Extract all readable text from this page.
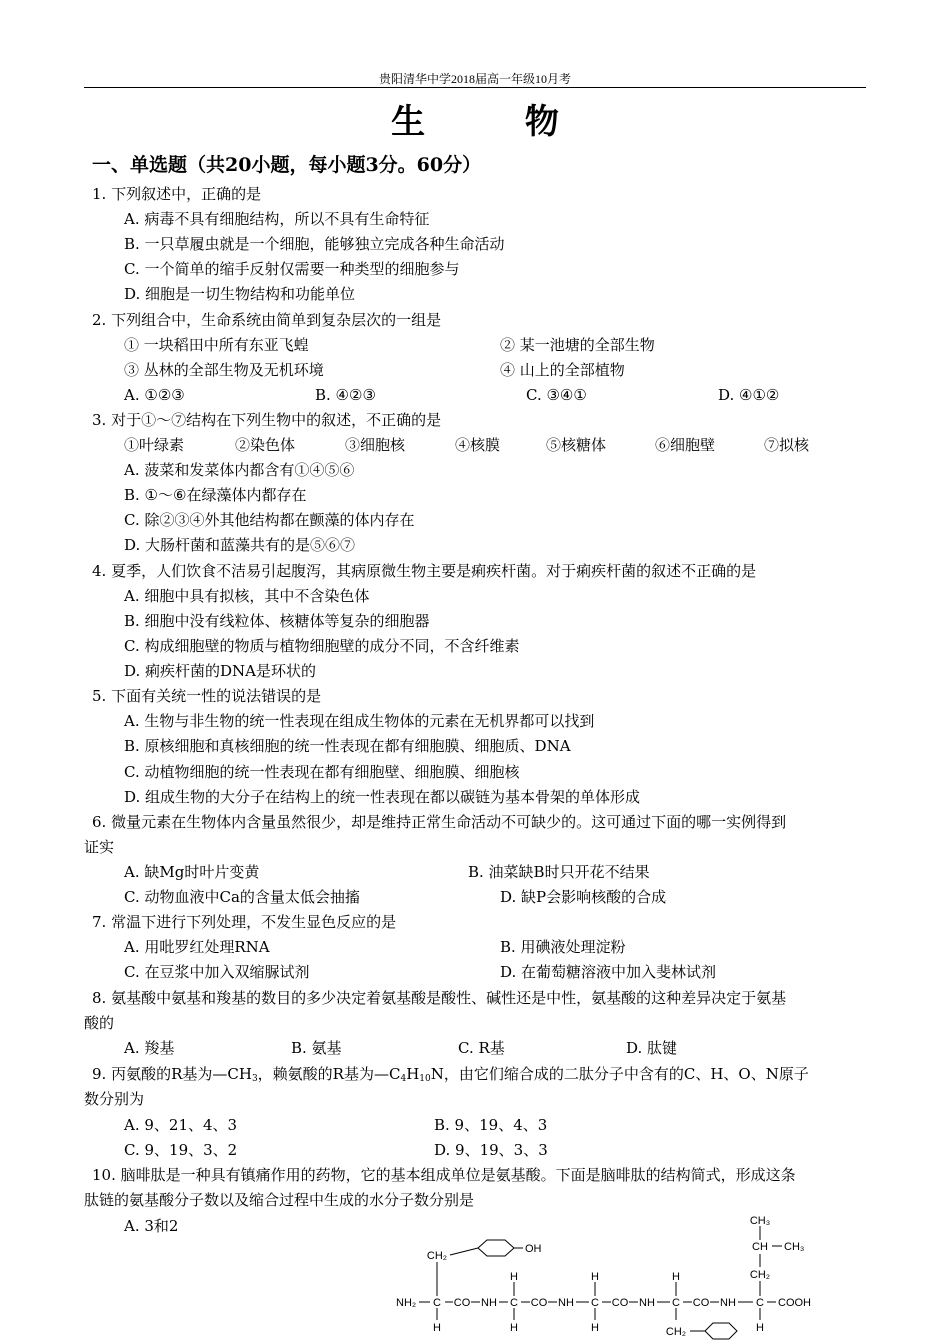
贵阳清华中学2018届高一年级10月考
生 物
一、单选题（共20小题，每小题3分。60分）
1. 下列叙述中，正确的是
A. 病毒不具有细胞结构，所以不具有生命特征
B. 一只草履虫就是一个细胞，能够独立完成各种生命活动
C. 一个简单的缩手反射仅需要一种类型的细胞参与
D. 细胞是一切生物结构和功能单位
2. 下列组合中，生命系统由简单到复杂层次的一组是
① 一块稻田中所有东亚飞蝗	② 某一池塘的全部生物
③ 丛林的全部生物及无机环境	④ 山上的全部植物
A. ①②③	B. ④②③	C. ③④①	D. ④①②
3. 对于①～⑦结构在下列生物中的叙述，不正确的是
①叶绿素	②染色体	③细胞核	④核膜	⑤核糖体	⑥细胞壁	⑦拟核
A. 菠菜和发菜体内都含有①④⑤⑥
B. ①～⑥在绿藻体内都存在
C. 除②③④外其他结构都在颤藻的体内存在
D. 大肠杆菌和蓝藻共有的是⑤⑥⑦
4. 夏季，人们饮食不洁易引起腹泻，其病原微生物主要是痢疾杆菌。对于痢疾杆菌的叙述不正确的是
A. 细胞中具有拟核，其中不含染色体
B. 细胞中没有线粒体、核糖体等复杂的细胞器
C. 构成细胞壁的物质与植物细胞壁的成分不同，不含纤维素
D. 痢疾杆菌的DNA是环状的
5. 下面有关统一性的说法错误的是
A. 生物与非生物的统一性表现在组成生物体的元素在无机界都可以找到
B. 原核细胞和真核细胞的统一性表现在都有细胞膜、细胞质、DNA
C. 动植物细胞的统一性表现在都有细胞壁、细胞膜、细胞核
D. 组成生物的大分子在结构上的统一性表现在都以碳链为基本骨架的单体形成
6. 微量元素在生物体内含量虽然很少，却是维持正常生命活动不可缺少的。这可通过下面的哪一实例得到
证实
A. 缺Mg时叶片变黄	B. 油菜缺B时只开花不结果
C. 动物血液中Ca的含量太低会抽搐	D. 缺P会影响核酸的合成
7. 常温下进行下列处理，不发生显色反应的是
A. 用吡罗红处理RNA	B. 用碘液处理淀粉
C. 在豆浆中加入双缩脲试剂	D. 在葡萄糖溶液中加入斐林试剂
8. 氨基酸中氨基和羧基的数目的多少决定着氨基酸是酸性、碱性还是中性，氨基酸的这种差异决定于氨基
酸的
A. 羧基	B. 氨基	C. R基	D. 肽键
9. 丙氨酸的R基为$—CH_3$，赖氨酸的R基为$—C_4H_{10}N$，由它们缩合成的二肽分子中含有的C、H、O、N原子
数分别为
A. 9、21、4、3	B. 9、19、4、3
C. 9、19、3、2	D. 9、19、3、3
10. 脑啡肽是一种具有镇痛作用的药物，它的基本组成单位是氨基酸。下面是脑啡肽的结构简式，形成这条
肽链的氨基酸分子数以及缩合过程中生成的水分子数分别是
A. 3和2	CH₃
CH CH₃
CH₂
OH
H	H	H	CH₂
NH₂ C CO NH C CO NH C CO NH C CO NH C COOH
H	H	H	CH₂	H
